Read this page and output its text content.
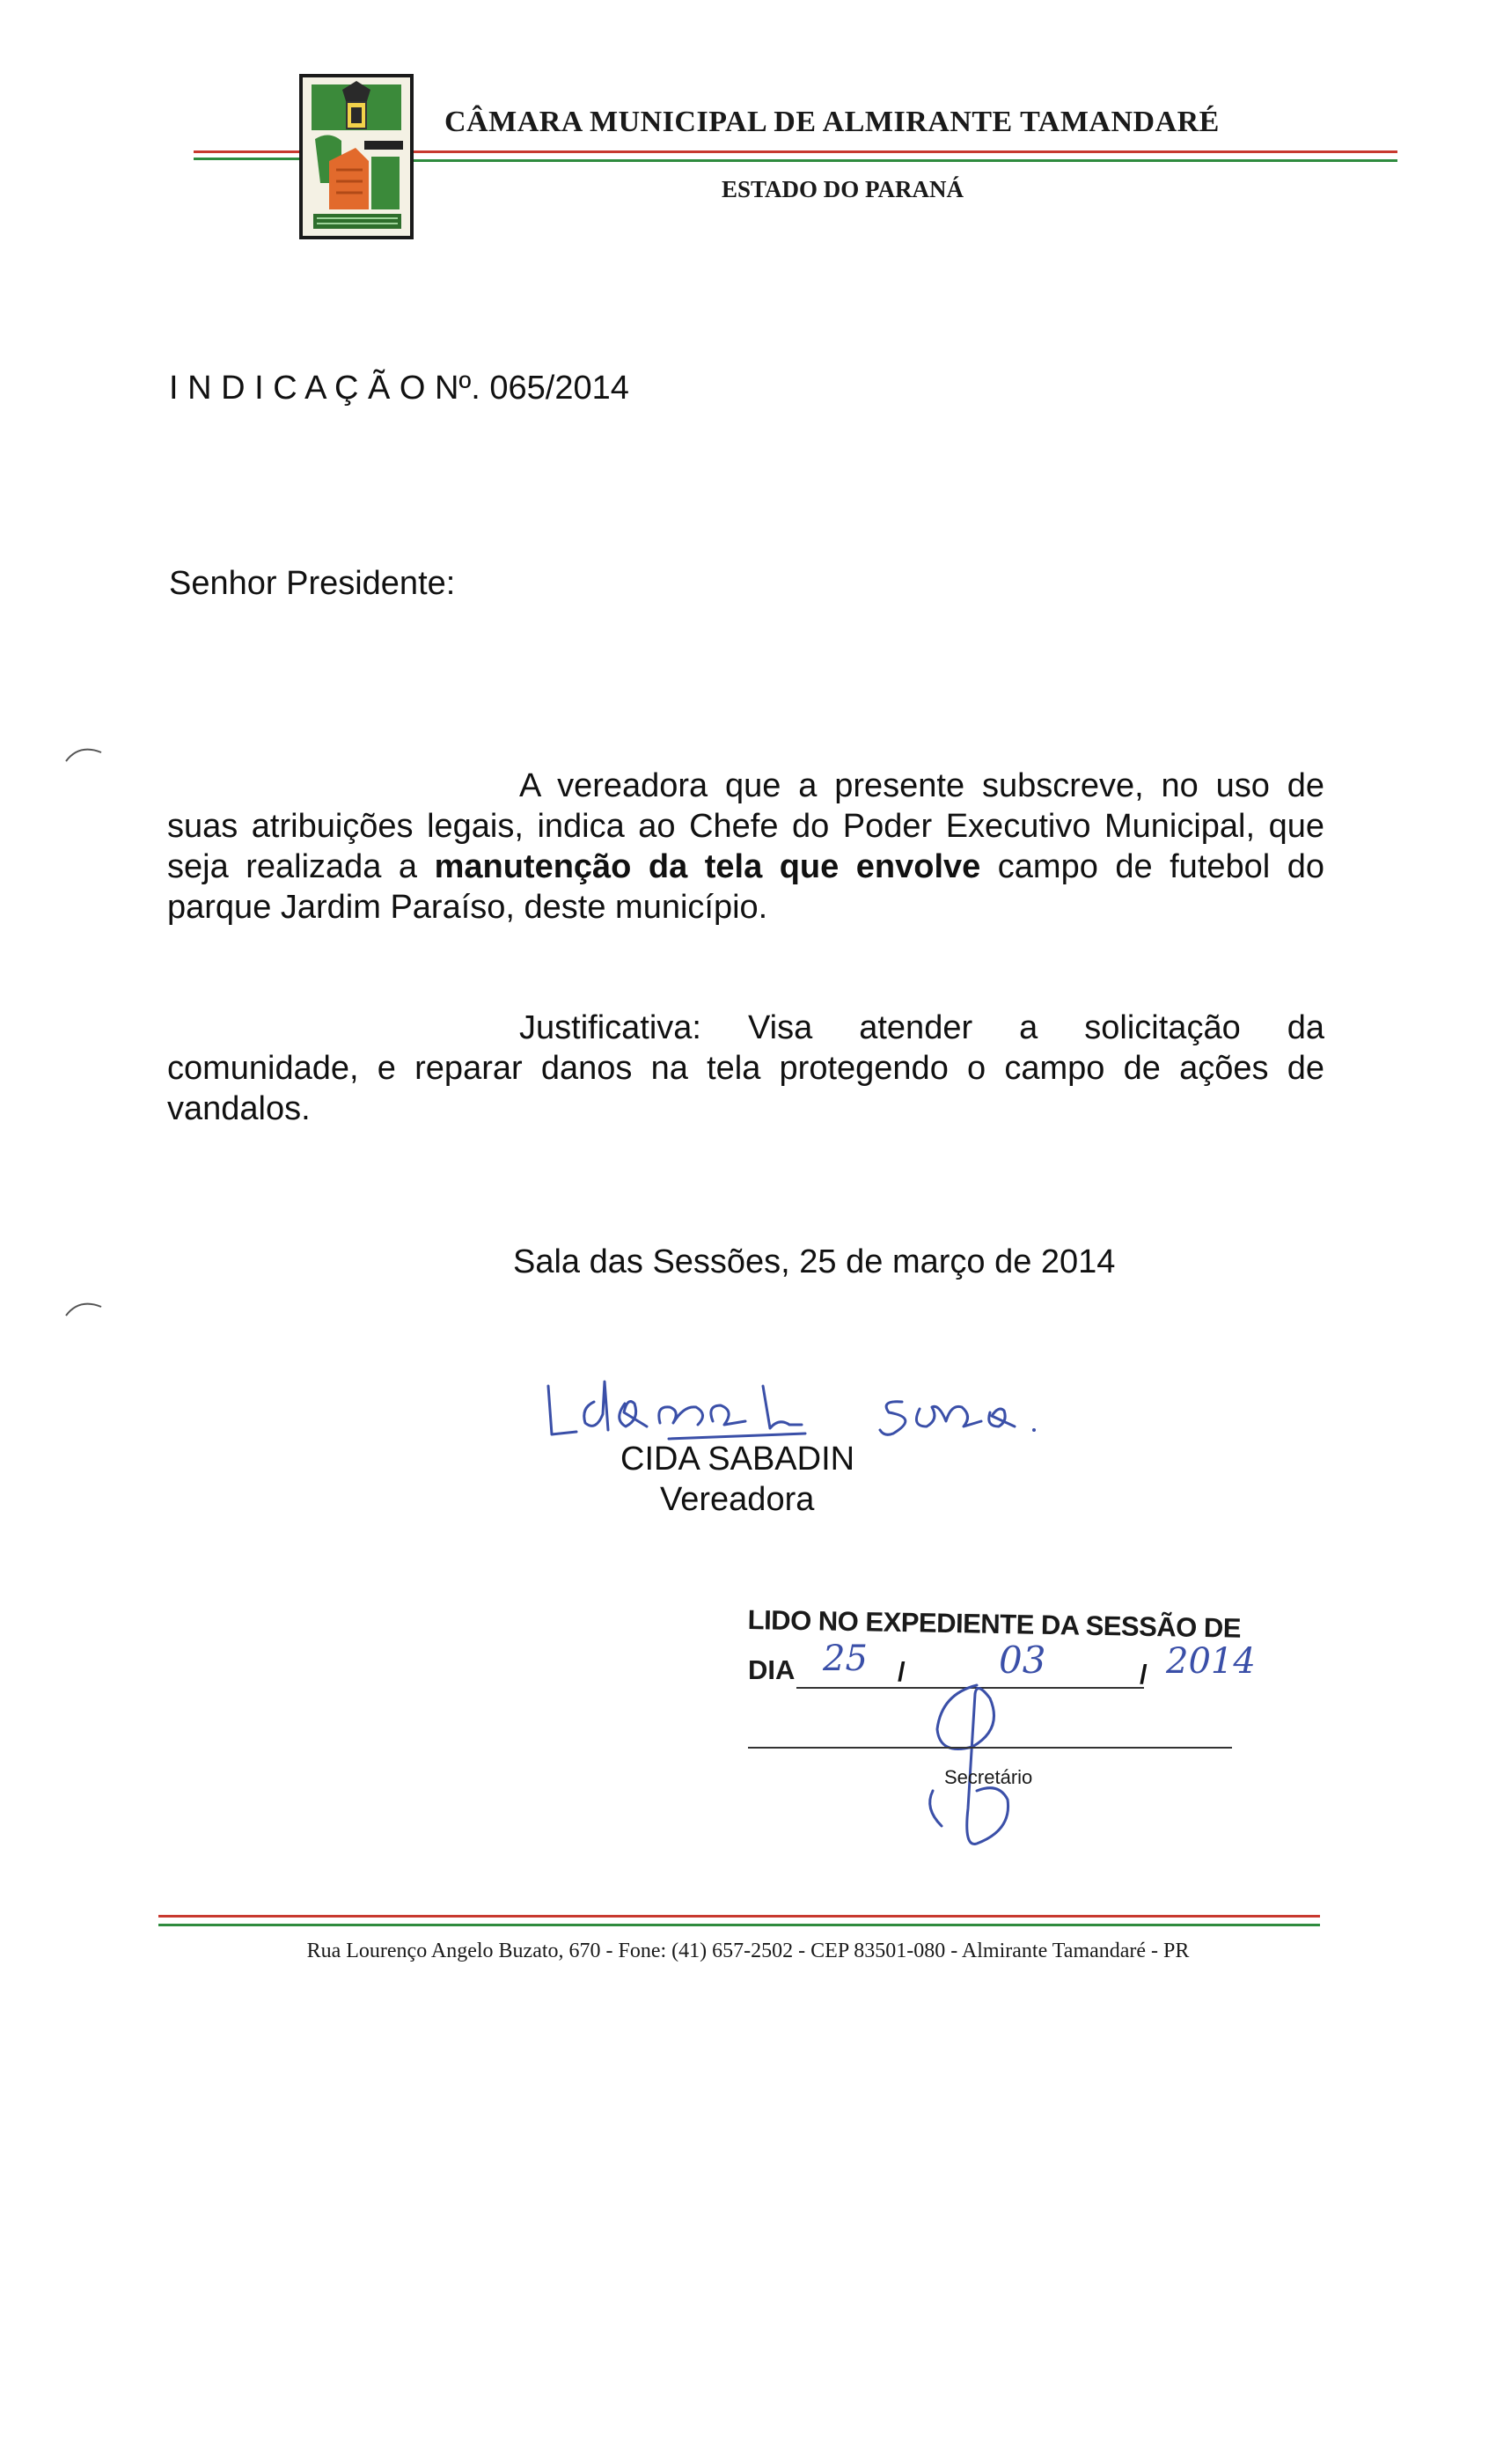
CÂMARA MUNICIPAL DE ALMIRANTE TAMANDARÉ
ESTADO DO PARANÁ
I N D I C A Ç Ã O Nº. 065/2014
Senhor Presidente:
A vereadora que a presente subscreve, no uso de suas atribuições legais, indica ao Chefe do Poder Executivo Municipal, que seja realizada a manutenção da tela que envolve campo de futebol do parque Jardim Paraíso, deste município.
Justificativa: Visa atender a solicitação da comunidade, e reparar danos na tela protegendo o campo de ações de vandalos.
Sala das Sessões, 25 de março de 2014
CIDA SABADIN
Vereadora
LIDO NO EXPEDIENTE DA SESSÃO DE
DIA	/	/
25	03	2014
Secretário
Rua Lourenço Angelo Buzato, 670 - Fone: (41) 657-2502 - CEP 83501-080 - Almirante Tamandaré - PR
